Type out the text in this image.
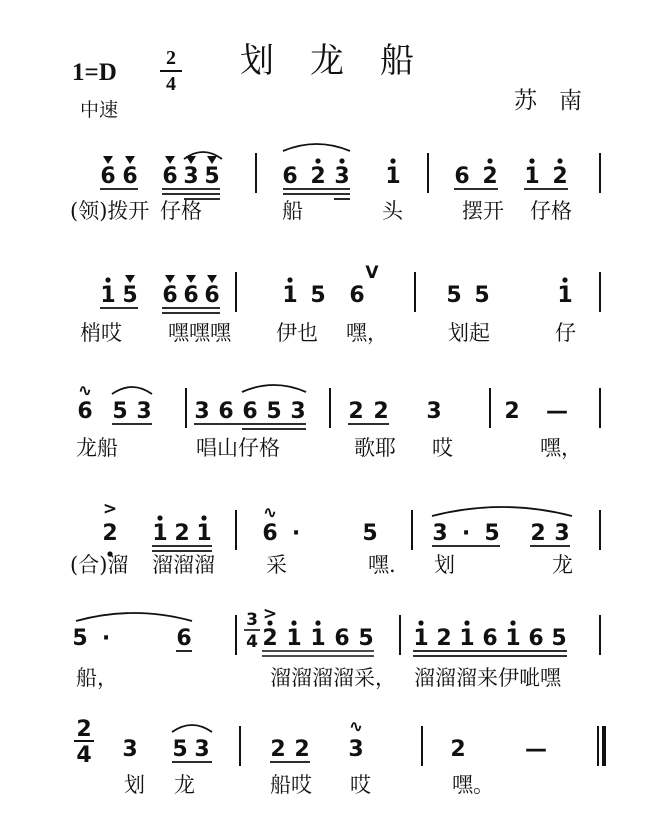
1=D
2
4
划龙船
中速	苏南
6 6 6 3 5	6 2 3 1 6 2 1 2
1 5 6 6 6	1 5 6	5 5	1
6 5 3 3 6 6 5 3 2 2 3	2 —
2 1 2 1 6 ·	5 3 · 5 2 3
5 ·	6	2 1 1 6 5 1 2 1 6 1 6 5
3 5 3	2 2 3	2	—
V
∿
>	∿
>
3
4
∿
2
4
(领)拨开 仔格	船	头	摆开 仔格
梢哎 嘿嘿嘿 伊也 嘿，	划起	仔
龙船	唱山仔格	歌耶 哎	嘿，
(合)溜 溜溜溜 采	嘿. 划	龙
船，	溜溜溜溜采， 溜溜溜来伊呲嘿
划 龙	船哎 哎	嘿。
